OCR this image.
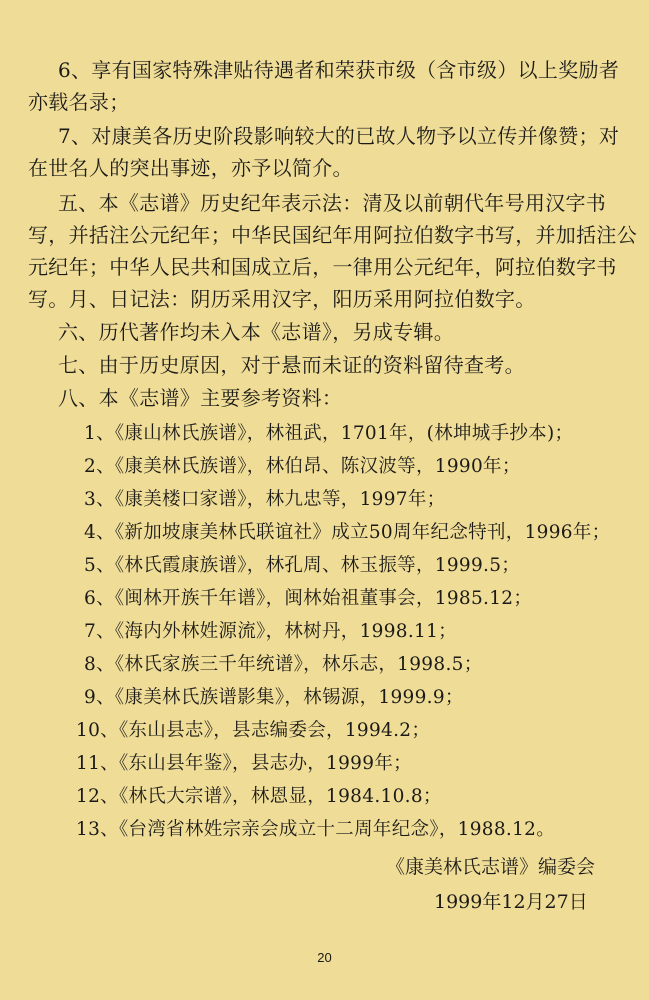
6、享有国家特殊津贴待遇者和荣获市级（含市级）以上奖励者
亦载名录；
7、对康美各历史阶段影响较大的已故人物予以立传并像赞；对
在世名人的突出事迹，亦予以简介。
五、本《志谱》历史纪年表示法：清及以前朝代年号用汉字书
写，并括注公元纪年；中华民国纪年用阿拉伯数字书写，并加括注公
元纪年；中华人民共和国成立后，一律用公元纪年，阿拉伯数字书
写。月、日记法：阴历采用汉字，阳历采用阿拉伯数字。
六、历代著作均未入本《志谱》，另成专辑。
七、由于历史原因，对于悬而未证的资料留待查考。
八、本《志谱》主要参考资料：
1、《康山林氏族谱》，林祖武，1701年，(林坤城手抄本)；
2、《康美林氏族谱》，林伯昂、陈汉波等，1990年；
3、《康美楼口家谱》，林九忠等，1997年；
4、《新加坡康美林氏联谊社》成立50周年纪念特刊，1996年；
5、《林氏霞康族谱》，林孔周、林玉振等，1999.5；
6、《闽林开族千年谱》，闽林始祖董事会，1985.12；
7、《海内外林姓源流》，林树丹，1998.11；
8、《林氏家族三千年统谱》，林乐志，1998.5；
9、《康美林氏族谱影集》，林锡源，1999.9；
10、《东山县志》，县志编委会，1994.2；
11、《东山县年鉴》，县志办，1999年；
12、《林氏大宗谱》，林恩显，1984.10.8；
13、《台湾省林姓宗亲会成立十二周年纪念》，1988.12。
《康美林氏志谱》编委会
1999年12月27日
20
